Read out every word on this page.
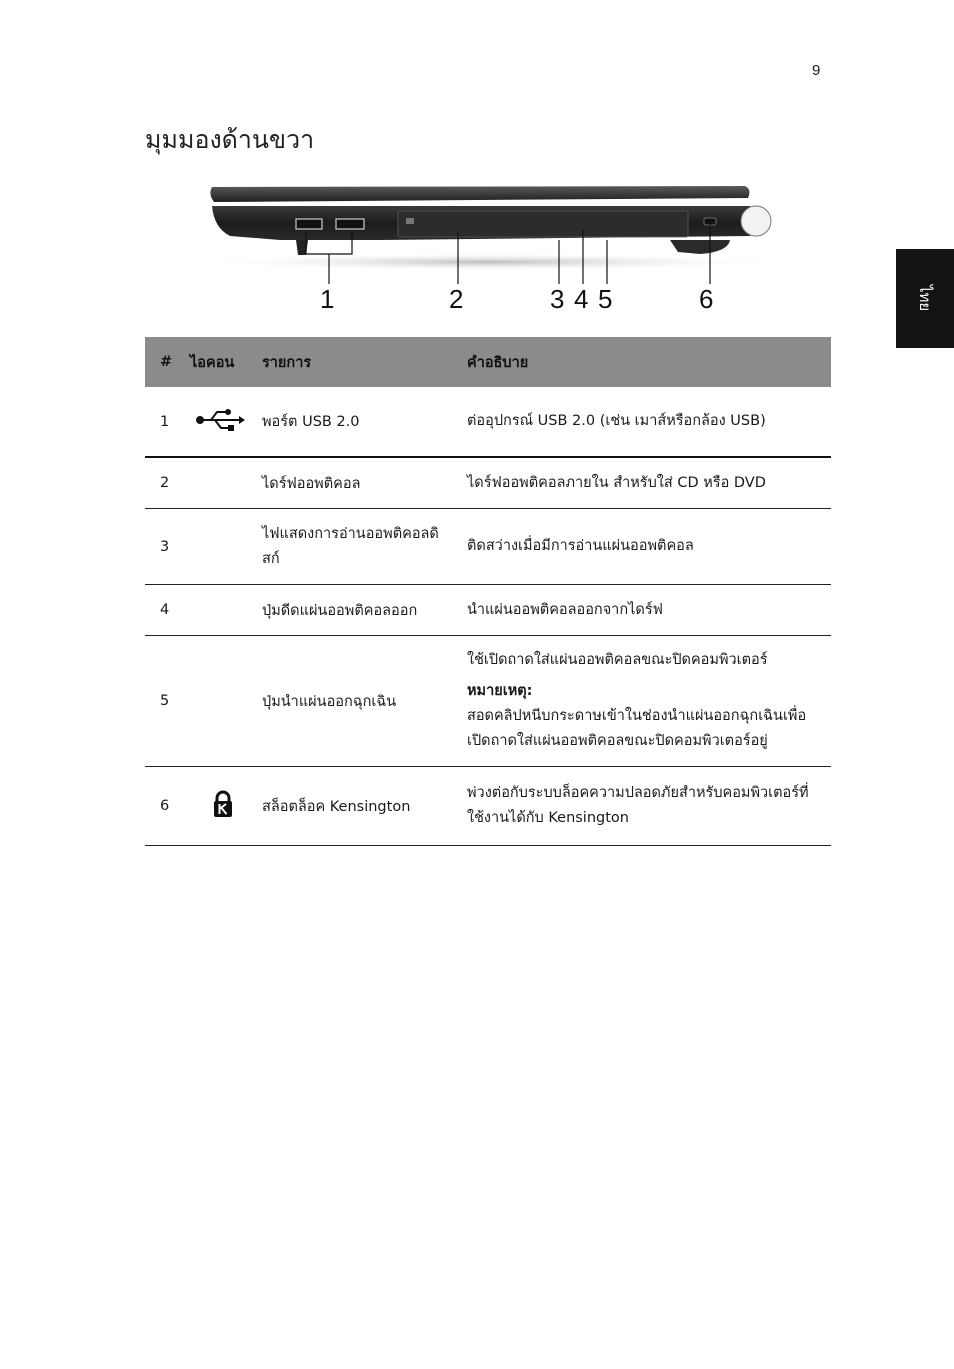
9
ไทย
มุมมองด้านขวา
1	2	3 4 5	6
#	ไอคอน	รายการ	คำอธิบาย
1		พอร์ต USB 2.0	ต่ออุปกรณ์ USB 2.0 (เช่น เมาส์หรือกล้อง USB)
2		ไดร์ฟออพติคอล	ไดร์ฟออพติคอลภายใน สำหรับใส่ CD หรือ DVD
3		ไฟแสดงการอ่านออพติคอลดิสก์	ติดสว่างเมื่อมีการอ่านแผ่นออพติคอล
4		ปุ่มดีดแผ่นออพติคอลออก	นำแผ่นออพติคอลออกจากไดร์ฟ
5		ปุ่มนำแผ่นออกฉุกเฉิน	ใช้เปิดถาดใส่แผ่นออพติคอลขณะปิดคอมพิวเตอร์
หมายเหตุ:
สอดคลิปหนีบกระดาษเข้าในช่องนำแผ่นออกฉุกเฉินเพื่อเปิดถาดใส่แผ่นออพติคอลขณะปิดคอมพิวเตอร์อยู่

6		สล็อตล็อค Kensington	พ่วงต่อกับระบบล็อคความปลอดภัยสำหรับคอมพิวเตอร์ที่ใช้งานได้กับ Kensington
